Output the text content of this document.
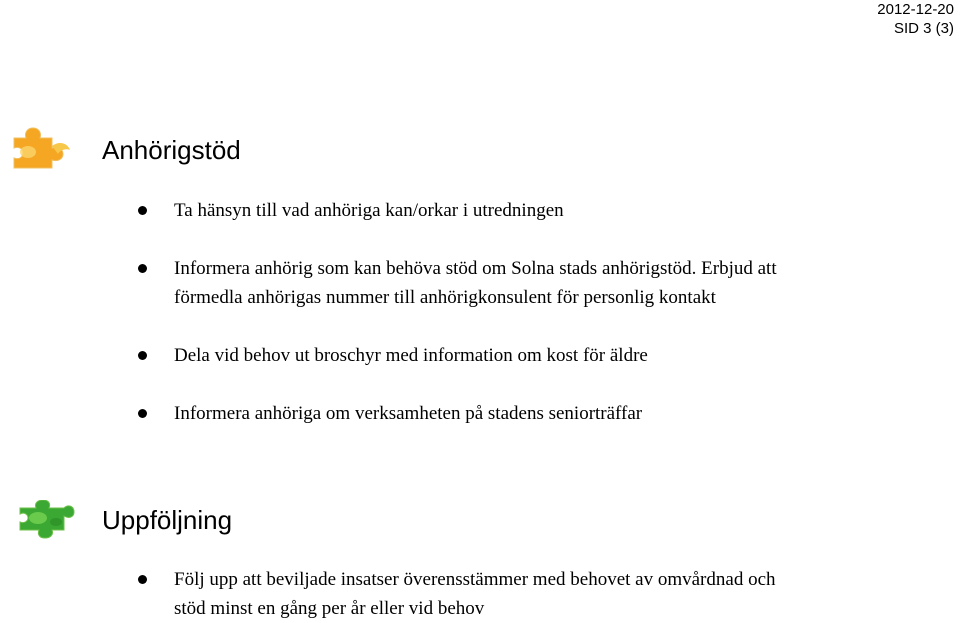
2012-12-20
SID 3 (3)
Anhörigstöd
Ta hänsyn till vad anhöriga kan/orkar i utredningen
Informera anhörig som kan behöva stöd om Solna stads anhörigstöd. Erbjud att förmedla anhörigas nummer till anhörigkonsulent för personlig kontakt
Dela vid behov ut broschyr med information om kost för äldre
Informera anhöriga om verksamheten på stadens seniorträffar
Uppföljning
Följ upp att beviljade insatser överensstämmer med behovet av omvårdnad och stöd minst en gång per år eller vid behov
